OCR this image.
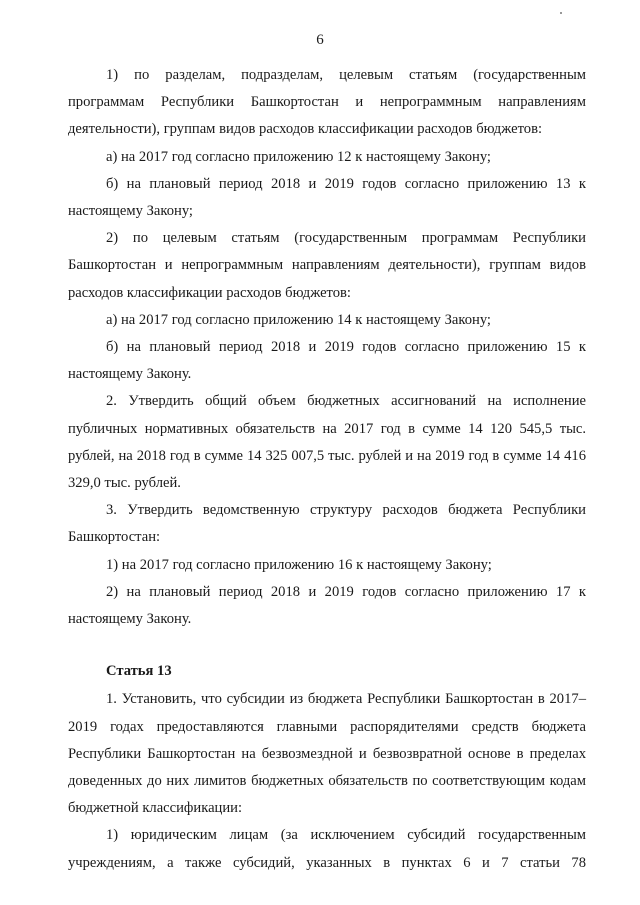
6

1) по разделам, подразделам, целевым статьям (государственным программам Республики Башкортостан и непрограммным направлениям деятельности), группам видов расходов классификации расходов бюджетов:

а) на 2017 год согласно приложению 12 к настоящему Закону;

б) на плановый период 2018 и 2019 годов согласно приложению 13 к настоящему Закону;

2) по целевым статьям (государственным программам Республики Башкортостан и непрограммным направлениям деятельности), группам видов расходов классификации расходов бюджетов:

а) на 2017 год согласно приложению 14 к настоящему Закону;

б) на плановый период 2018 и 2019 годов согласно приложению 15 к настоящему Закону.

2. Утвердить общий объем бюджетных ассигнований на исполнение публичных нормативных обязательств на 2017 год в сумме 14 120 545,5 тыс. рублей, на 2018 год в сумме 14 325 007,5 тыс. рублей и на 2019 год в сумме 14 416 329,0 тыс. рублей.

3. Утвердить ведомственную структуру расходов бюджета Республики Башкортостан:

1) на 2017 год согласно приложению 16 к настоящему Закону;

2) на плановый период 2018 и 2019 годов согласно приложению 17 к настоящему Закону.

Статья 13

1. Установить, что субсидии из бюджета Республики Башкортостан в 2017–2019 годах предоставляются главными распорядителями средств бюджета Республики Башкортостан на безвозмездной и безвозвратной основе в пределах доведенных до них лимитов бюджетных обязательств по соответствующим кодам бюджетной классификации:

1) юридическим лицам (за исключением субсидий государственным учреждениям, а также субсидий, указанных в пунктах 6 и 7 статьи 78
